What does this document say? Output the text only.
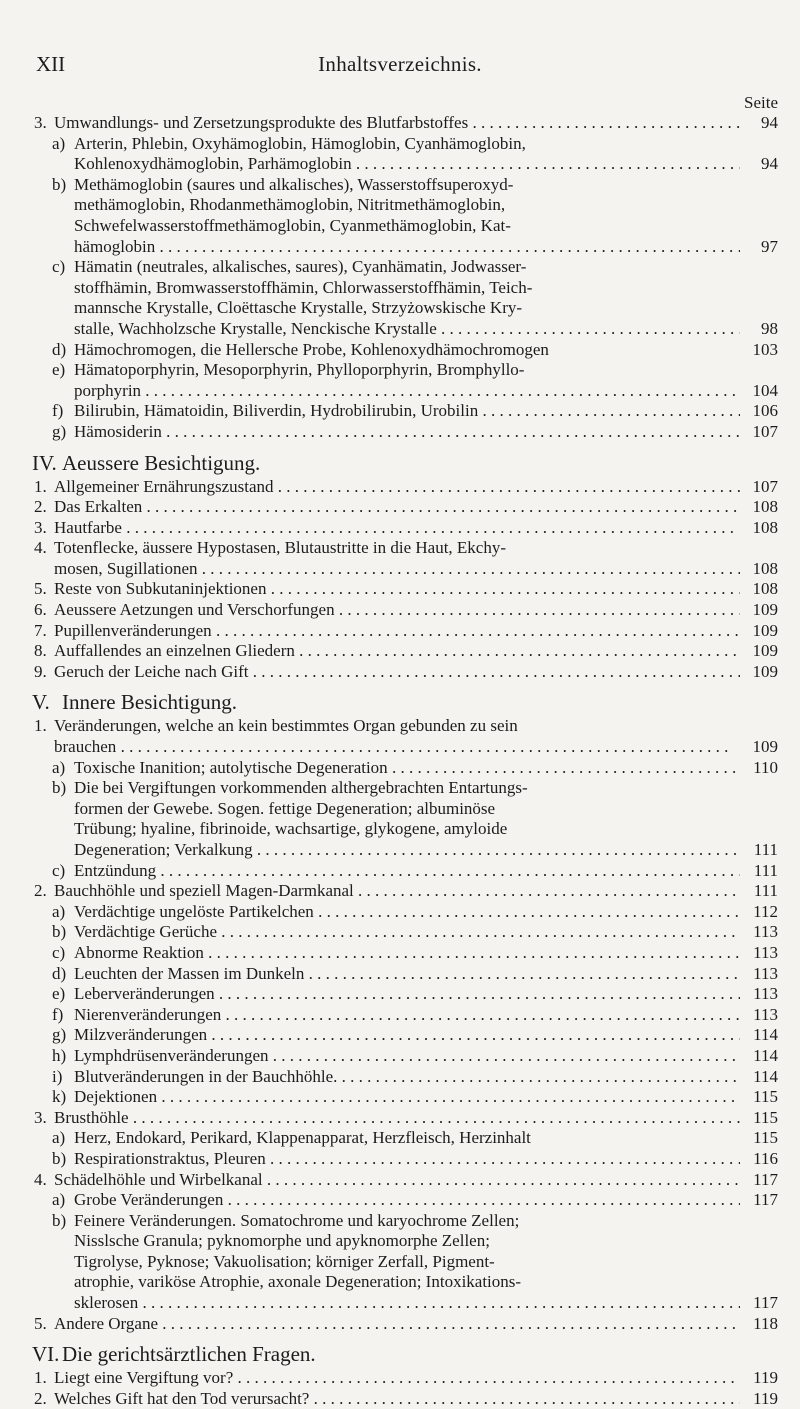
XII	Inhaltsverzeichnis.
Seite
3. Umwandlungs- und Zersetzungsprodukte des Blutfarbstoffes . . .	94
a) Arterin, Phlebin, Oxyhämoglobin, Hämoglobin, Cyanhämoglobin,
Kohlenoxydhämoglobin, Parhämoglobin . . .	94
b) Methämoglobin (saures und alkalisches), Wasserstoffsuperoxyd-
methämoglobin, Rhodanmethämoglobin, Nitritmethämoglobin,
Schwefelwasserstoffmethämoglobin, Cyanmethämoglobin, Kat-
hämoglobin . . .	97
c) Hämatin (neutrales, alkalisches, saures), Cyanhämatin, Jodwasser-
stoffhämin, Bromwasserstoffhämin, Chlorwasserstoffhämin, Teich-
mannsche Krystalle, Cloëttasche Krystalle, Strzyżowskische Kry-
stalle, Wachholzsche Krystalle, Nenckische Krystalle . . .	98
d) Hämochromogen, die Hellersche Probe, Kohlenoxydhämochromogen	103
e) Hämatoporphyrin, Mesoporphyrin, Phylloporphyrin, Bromphyllo-
porphyrin . . .	104
f) Bilirubin, Hämatoidin, Biliverdin, Hydrobilirubin, Urobilin . . .	106
g) Hämosiderin . . .	107
IV. Aeussere Besichtigung.
1. Allgemeiner Ernährungszustand . . .	107
2. Das Erkalten . . .	108
3. Hautfarbe . . .	108
4. Totenflecke, äussere Hypostasen, Blutaustritte in die Haut, Ekchy-
mosen, Sugillationen . . .	108
5. Reste von Subkutaninjektionen . . .	108
6. Aeussere Aetzungen und Verschorfungen . . .	109
7. Pupillenveränderungen . . .	109
8. Auffallendes an einzelnen Gliedern . . .	109
9. Geruch der Leiche nach Gift . . .	109
V. Innere Besichtigung.
1. Veränderungen, welche an kein bestimmtes Organ gebunden zu sein
brauchen . . .	109
a) Toxische Inanition; autolytische Degeneration . . .	110
b) Die bei Vergiftungen vorkommenden althergebrachten Entartungs-
formen der Gewebe. Sogen. fettige Degeneration; albuminöse
Trübung; hyaline, fibrinoide, wachsartige, glykogene, amyloide
Degeneration; Verkalkung . . .	111
c) Entzündung . . .	111
2. Bauchhöhle und speziell Magen-Darmkanal . . .	111
a) Verdächtige ungelöste Partikelchen . . .	112
b) Verdächtige Gerüche . . .	113
c) Abnorme Reaktion . . .	113
d) Leuchten der Massen im Dunkeln . . .	113
e) Leberveränderungen . . .	113
f) Nierenveränderungen . . .	113
g) Milzveränderungen . . .	114
h) Lymphdrüsenveränderungen . . .	114
i) Blutveränderungen in der Bauchhöhle. . . .	114
k) Dejektionen . . .	115
3. Brusthöhle . . .	115
a) Herz, Endokard, Perikard, Klappenapparat, Herzfleisch, Herzinhalt	115
b) Respirationstraktus, Pleuren . . .	116
4. Schädelhöhle und Wirbelkanal . . .	117
a) Grobe Veränderungen . . .	117
b) Feinere Veränderungen. Somatochrome und karyochrome Zellen;
Nisslsche Granula; pyknomorphe und apyknomorphe Zellen;
Tigrolyse, Pyknose; Vakuolisation; körniger Zerfall, Pigment-
atrophie, variköse Atrophie, axonale Degeneration; Intoxikations-
sklerosen . . .	117
5. Andere Organe . . .	118
VI. Die gerichtsärztlichen Fragen.
1. Liegt eine Vergiftung vor? . . .	119
2. Welches Gift hat den Tod verursacht? . . .	119
